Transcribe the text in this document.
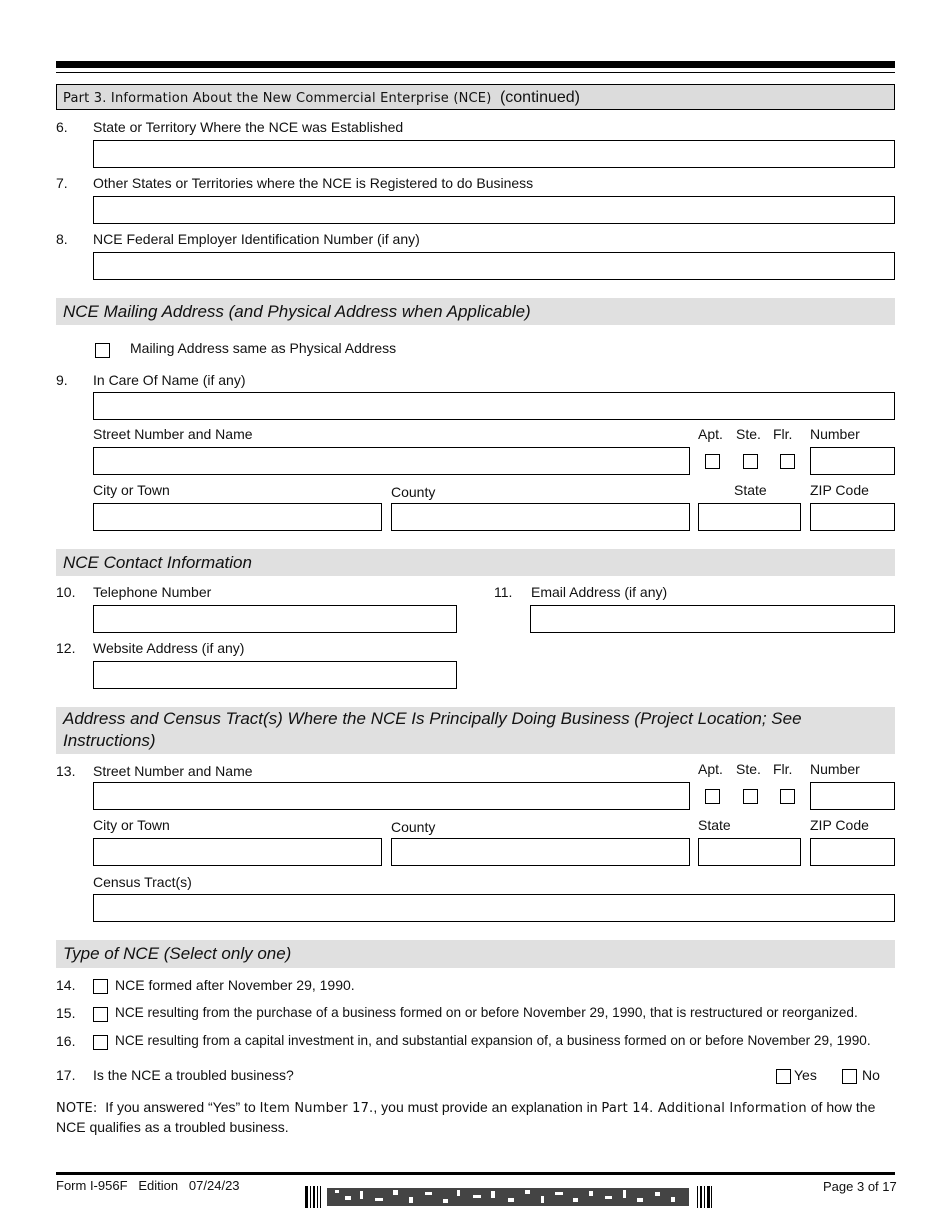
Part 3. Information About the New Commercial Enterprise (NCE) (continued)
6. State or Territory Where the NCE was Established
7. Other States or Territories where the NCE is Registered to do Business
8. NCE Federal Employer Identification Number (if any)
NCE Mailing Address (and Physical Address when Applicable)
Mailing Address same as Physical Address
9. In Care Of Name (if any)
Street Number and Name	Apt. Ste. Flr. Number
City or Town	County	State	ZIP Code
NCE Contact Information
10. Telephone Number	11. Email Address (if any)
12. Website Address (if any)
Address and Census Tract(s) Where the NCE Is Principally Doing Business (Project Location; See Instructions)
13. Street Number and Name	Apt. Ste. Flr. Number
City or Town	County	State	ZIP Code
Census Tract(s)
Type of NCE (Select only one)
14.	NCE formed after November 29, 1990.
15.	NCE resulting from the purchase of a business formed on or before November 29, 1990, that is restructured or reorganized.
16.	NCE resulting from a capital investment in, and substantial expansion of, a business formed on or before November 29, 1990.
17. Is the NCE a troubled business?	Yes	No
NOTE:  If you answered “Yes” to Item Number 17., you must provide an explanation in Part 14. Additional Information of how the NCE qualifies as a troubled business.
Form I-956F   Edition   07/24/23	Page 3 of 17
